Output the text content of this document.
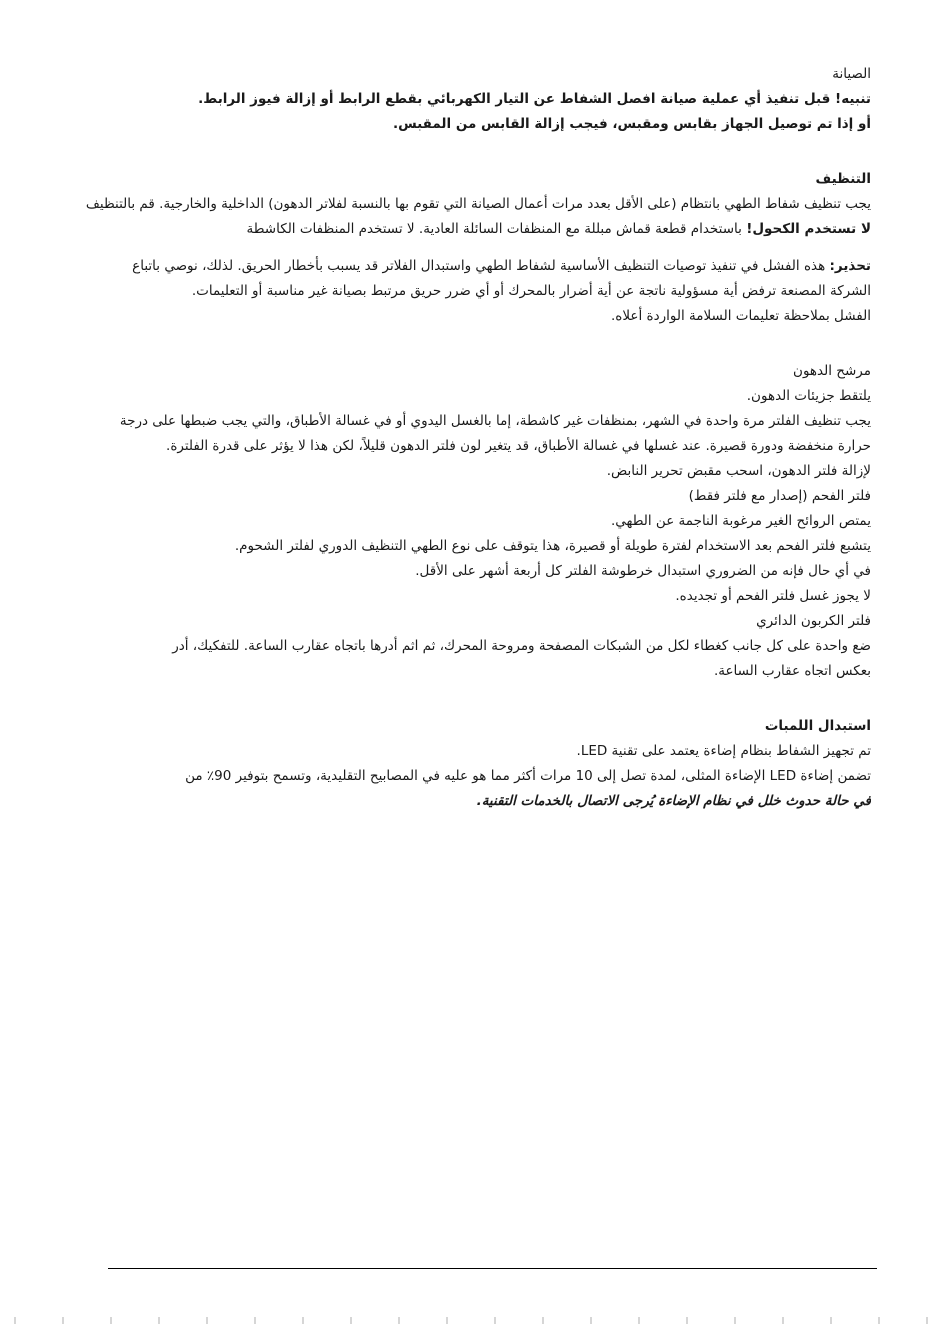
الصيانة
تنبيه! قبل تنفيذ أي عملية صيانة افصل الشفاط عن التيار الكهربائي بقطع الرابط أو إزالة فيوز الرابط.
أو إذا تم توصيل الجهاز بقابس ومقبس، فيجب إزالة القابس من المقبس.
التنظيف
يجب تنظيف شفاط الطهي بانتظام (على الأقل بعدد مرات أعمال الصيانة التي تقوم بها بالنسبة لفلاتر الدهون) الداخلية والخارجية. قم بالتنظيف
لا تستخدم الكحول! باستخدام قطعة قماش مبللة مع المنظفات السائلة العادية. لا تستخدم المنظفات الكاشطة
تحذير: هذه الفشل في تنفيذ توصيات التنظيف الأساسية لشفاط الطهي واستبدال الفلاتر قد يسبب بأخطار الحريق. لذلك، نوصي باتباع
الشركة المصنعة ترفض أية مسؤولية ناتجة عن أية أضرار بالمحرك أو أي ضرر حريق مرتبط بصيانة غير مناسبة أو التعليمات.
الفشل بملاحظة تعليمات السلامة الواردة أعلاه.
مرشح الدهون
يلتقط جزيئات الدهون.
يجب تنظيف الفلتر مرة واحدة في الشهر، بمنظفات غير كاشطة، إما بالغسل اليدوي أو في غسالة الأطباق، والتي يجب ضبطها على درجة
حرارة منخفضة ودورة قصيرة. عند غسلها في غسالة الأطباق، قد يتغير لون فلتر الدهون قليلاً، لكن هذا لا يؤثر على قدرة الفلترة.
لإزالة فلتر الدهون، اسحب مقبض تحرير النابض.
فلتر الفحم (إصدار مع فلتر فقط)
يمتص الروائح الغير مرغوبة الناجمة عن الطهي.
يتشبع فلتر الفحم بعد الاستخدام لفترة طويلة أو قصيرة، هذا يتوقف على نوع الطهي التنظيف الدوري لفلتر الشحوم.
في أي حال فإنه من الضروري استبدال خرطوشة الفلتر كل أربعة أشهر على الأقل.
لا يجوز غسل فلتر الفحم أو تجديده.
فلتر الكربون الدائري
ضع واحدة على كل جانب كغطاء لكل من الشبكات المصفحة ومروحة المحرك، ثم اثم أدرها باتجاه عقارب الساعة. للتفكيك، أدر
بعكس اتجاه عقارب الساعة.
استبدال اللمبات
تم تجهيز الشفاط بنظام إضاءة يعتمد على تقنية LED.
تضمن إضاءة LED الإضاءة المثلى، لمدة تصل إلى 10 مرات أكثر مما هو عليه في المصابيح التقليدية، وتسمح بتوفير 90٪ من
في حالة حدوث خلل في نظام الإضاءة يُرجى الاتصال بالخدمات التقنية.
